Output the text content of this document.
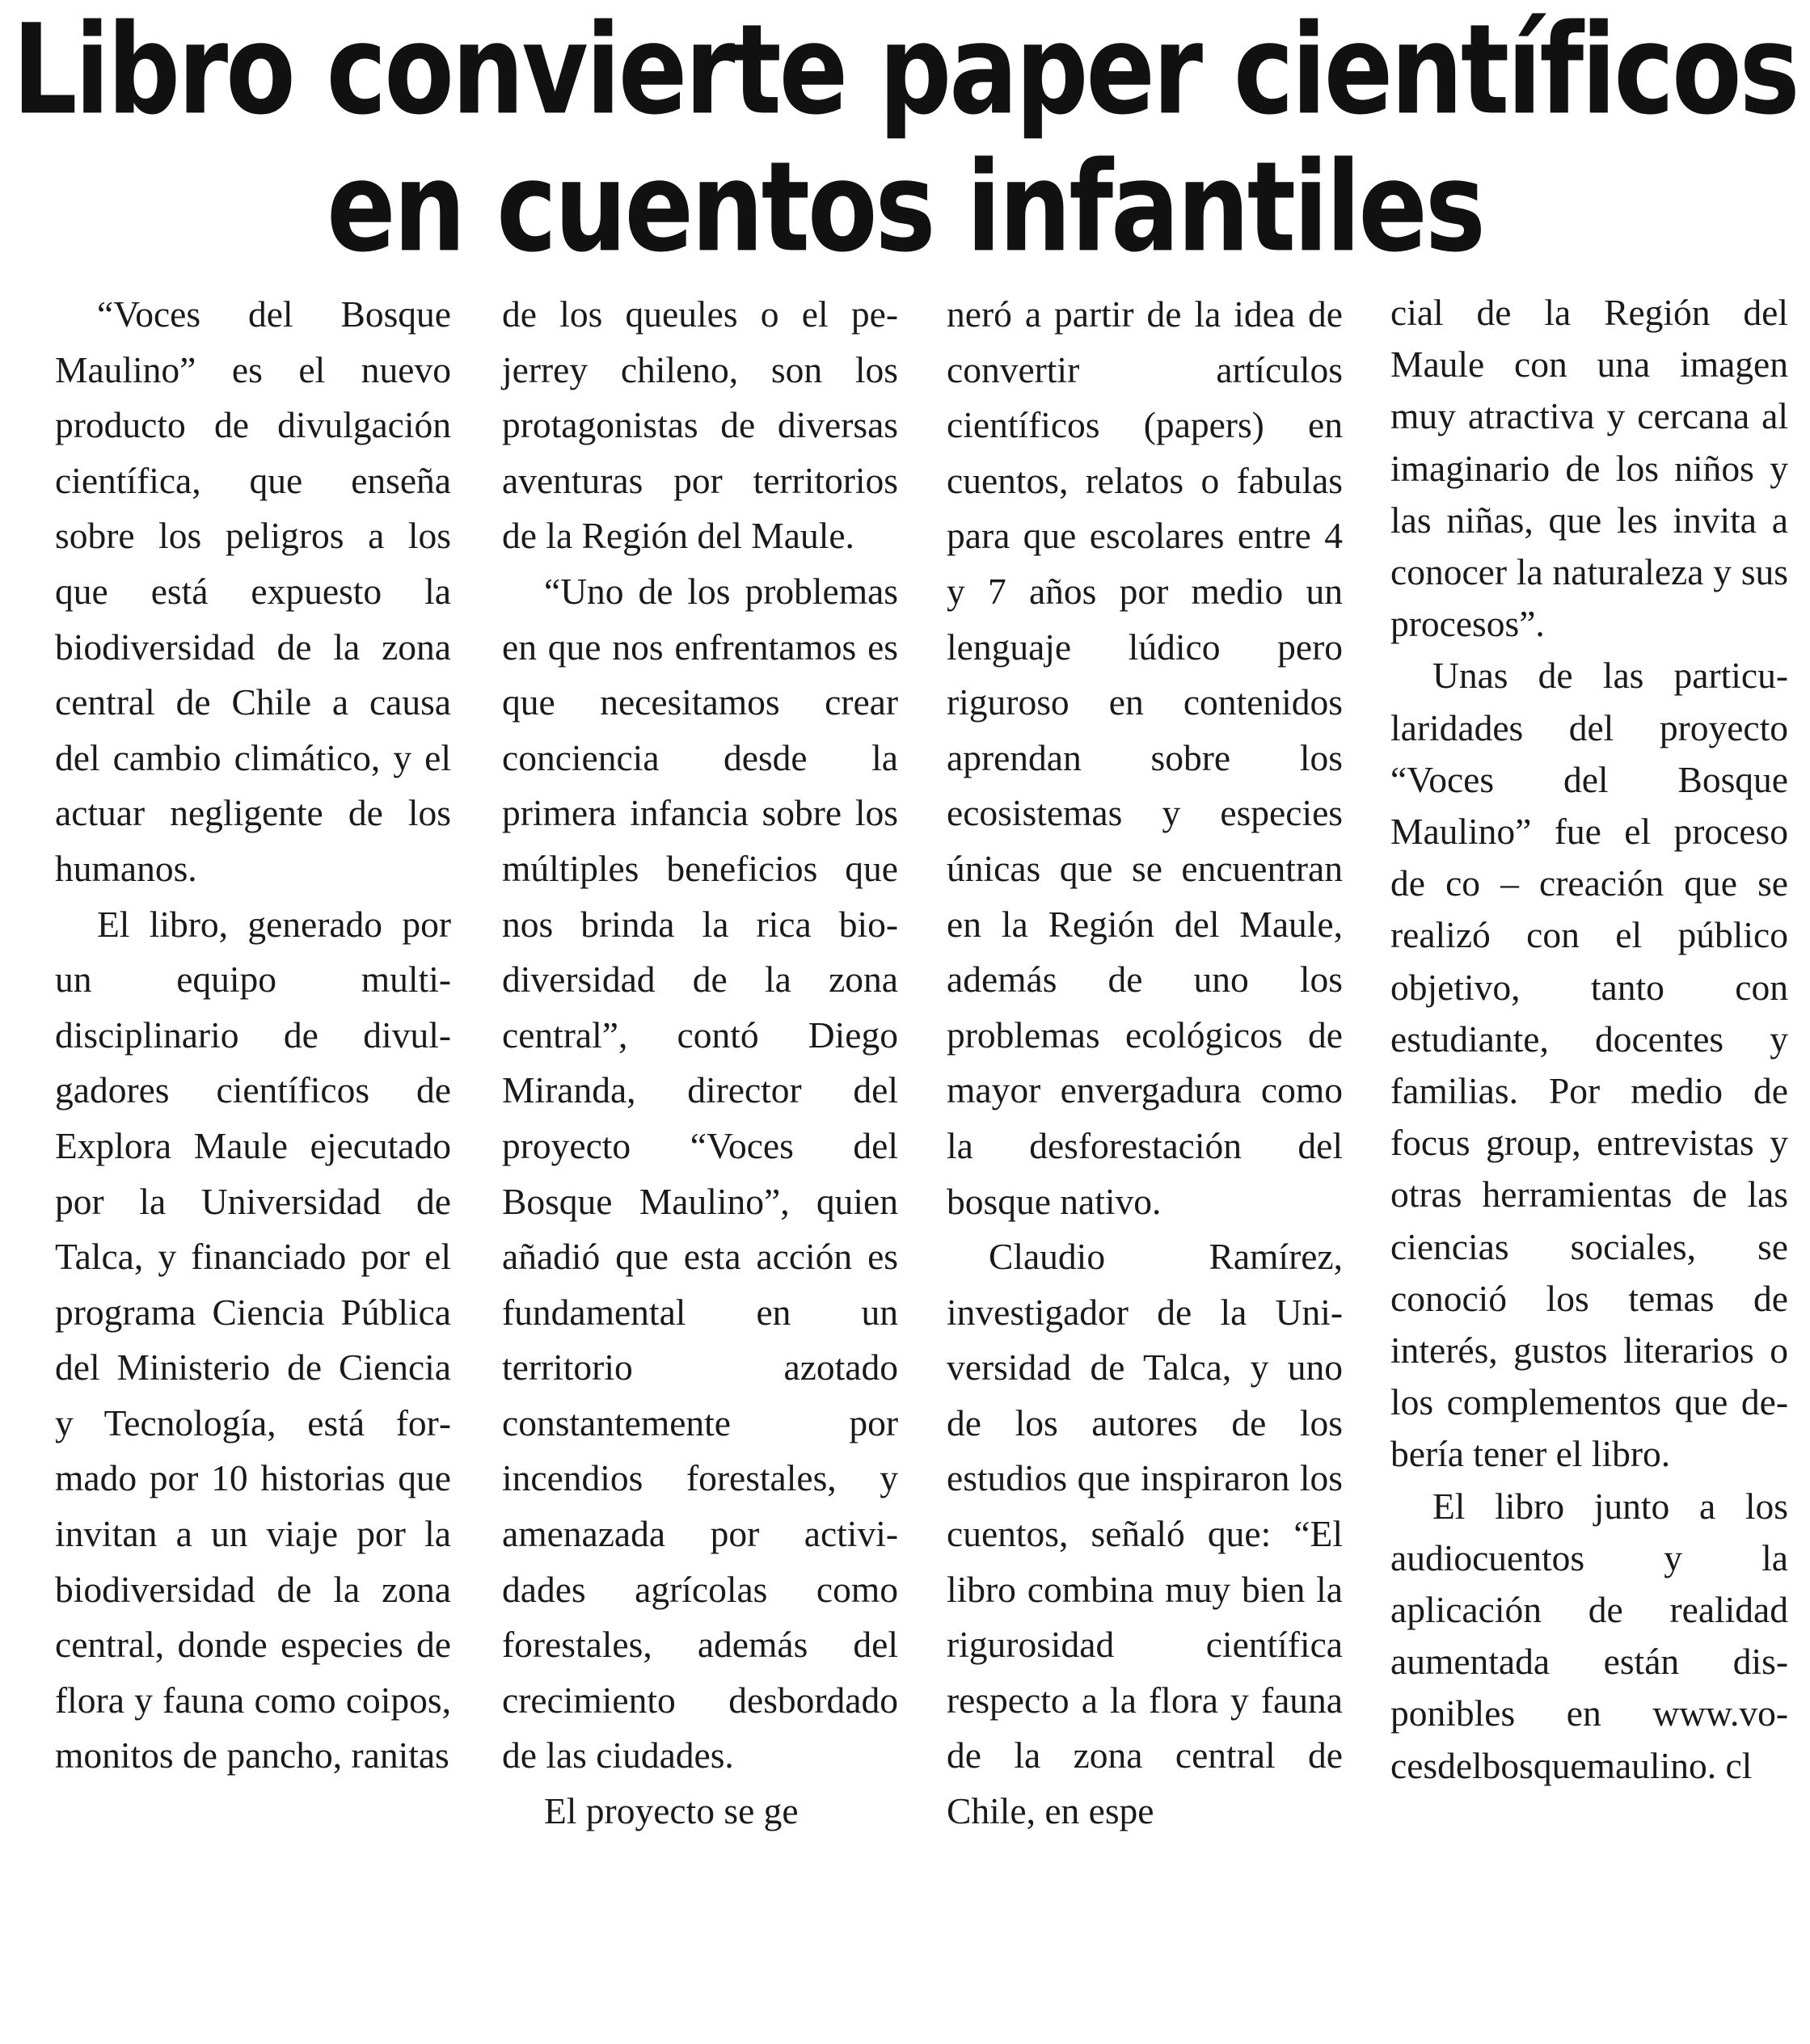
Libro convierte paper científicos
en cuentos infantiles

“Voces del Bosque Maulino” es el nuevo producto de divulgación científica, que enseña sobre los peligros a los que está expuesto la biodiversidad de la zona central de Chile a causa del cambio climático, y el actuar negligente de los humanos.

El libro, generado por un equipo multidisciplinario de divulgadores científicos de Explora Maule ejecutado por la Universidad de Talca, y financiado por el programa Ciencia Pública del Ministerio de Ciencia y Tecnología, está formado por 10 historias que invitan a un viaje por la biodiversidad de la zona central, donde especies de flora y fauna como coipos, monitos de pancho, ranitas

de los queules o el pejerrey chileno, son los protagonistas de diversas aventuras por territorios de la Región del Maule.

“Uno de los problemas en que nos enfrentamos es que necesitamos crear conciencia desde la primera infancia sobre los múltiples beneficios que nos brinda la rica biodiversidad de la zona central”, contó Diego Miranda, director del proyecto “Voces del Bosque Maulino”, quien añadió que esta acción es fundamental en un territorio azotado constantemente por incendios forestales, y amenazada por actividades agrícolas como forestales, además del crecimiento desbordado de las ciudades.

El proyecto se ge

neró a partir de la idea de convertir artículos científicos (papers) en cuentos, relatos o fabulas para que escolares entre 4 y 7 años por medio un lenguaje lúdico pero riguroso en contenidos aprendan sobre los ecosistemas y especies únicas que se encuentran en la Región del Maule, además de uno los problemas ecológicos de mayor envergadura como la desforestación del bosque nativo.

Claudio Ramírez, investigador de la Universidad de Talca, y uno de los autores de los estudios que inspiraron los cuentos, señaló que: “El libro combina muy bien la rigurosidad científica respecto a la flora y fauna de la zona central de Chile, en espe

cial de la Región del Maule con una imagen muy atractiva y cercana al imaginario de los niños y las niñas, que les invita a conocer la naturaleza y sus procesos”.

Unas de las particularidades del proyecto “Voces del Bosque Maulino” fue el proceso de co – creación que se realizó con el público objetivo, tanto con estudiante, docentes y familias. Por medio de focus group, entrevistas y otras herramientas de las ciencias sociales, se conoció los temas de interés, gustos literarios o los complementos que debería tener el libro.

El libro junto a los audiocuentos y la aplicación de realidad aumentada están disponibles en www.vocesdelbosquemaulino. cl
